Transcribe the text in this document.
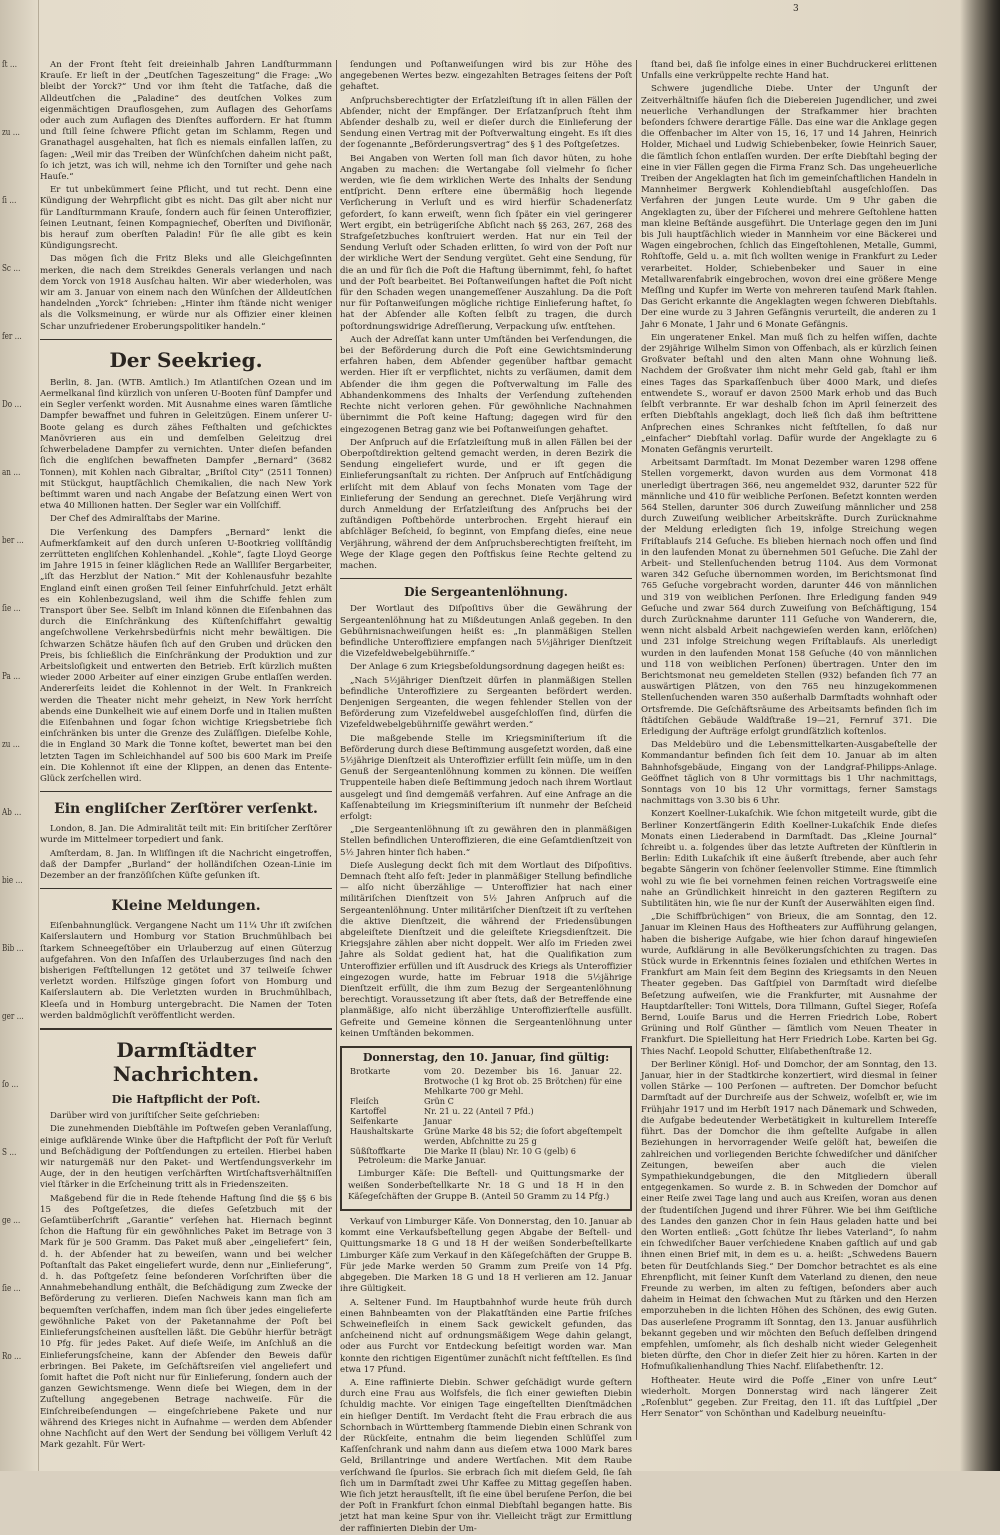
ſt …
zu …
ſi …
Sc …
fer …
Do …
an …
ber …
ſie …
Pa …
zu …
Ab …
bie …
Bib …
ger …
ſo …
S …
ge …
ſie …
Ro …
3

An der Front ſteht ſeit dreieinhalb Jahren Landſturmmann Krauſe. Er lieſt in der „Deutſchen Tageszeitung“ die Frage: „Wo bleibt der Yorck?“ Und vor ihm ſteht die Tatſache, daß die Alldeutſchen die „Paladine“ des deutſchen Volkes zum eigenmächtigen Drauflosgehen, zum Auflagen des Gehorſams oder auch zum Auflagen des Dienſtes auffordern. Er hat ſtumm und ſtill ſeine ſchwere Pflicht getan im Schlamm, Regen und Granathagel ausgehalten, hat ſich es niemals einfallen laſſen, zu ſagen: „Weil mir das Treiben der Wünſchſchen daheim nicht paßt, ſo ich jetzt, was ich will, nehme ich den Torniſter und gehe nach Hauſe.“

Er tut unbekümmert ſeine Pflicht, und tut recht. Denn eine Kündigung der Wehrpflicht gibt es nicht. Das gilt aber nicht nur für Landſturmmann Krauſe, ſondern auch für ſeinen Unteroffizier, ſeinen Leutnant, ſeinen Kompagniechef, Oberſten und Diviſionär, bis herauf zum oberſten Paladin! Für ſie alle gibt es kein Kündigungsrecht.

Das mögen ſich die Fritz Bleks und alle Gleichgeſinnten merken, die nach dem Streikdes Generals verlangen und nach dem Yorck von 1918 Ausſchau halten. Wir aber wiederholen, was wir am 3. Januar von einem nach den Wünſchen der Alldeutſchen handelnden „Yorck“ ſchrieben: „Hinter ihm ſtände nicht weniger als die Volksmeinung, er würde nur als Offizier einer kleinen Schar unzufriedener Eroberungspolitiker handeln.“

Der Seekrieg.

Berlin, 8. Jan. (WTB. Amtlich.) Im Atlantiſchen Ozean und im Aermelkanal ſind kürzlich von unſeren U-Booten fünf Dampfer und ein Segler verſenkt worden. Mit Ausnahme eines waren ſämtliche Dampfer bewaffnet und fuhren in Geleitzügen. Einem unſerer U-Boote gelang es durch zähes Feſthalten und geſchicktes Manövrieren aus ein und demſelben Geleitzug drei ſchwerbeladene Dampfer zu vernichten. Unter dieſen befanden ſich die engliſchen bewaffneten Dampfer „Bernard“ (3682 Tonnen), mit Kohlen nach Gibraltar, „Briſtol City“ (2511 Tonnen) mit Stückgut, hauptſächlich Chemikalien, die nach New York beſtimmt waren und nach Angabe der Beſatzung einen Wert von etwa 40 Millionen hatten. Der Segler war ein Vollſchiff.

Der Chef des Admiralſtabs der Marine.

Die Verſenkung des Dampfers „Bernard“ lenkt die Aufmerkſamkeit auf den durch unſeren U-Bootkrieg vollſtändig zerrütteten engliſchen Kohlenhandel. „Kohle“, ſagte Lloyd George im Jahre 1915 in ſeiner kläglichen Rede an Wallliſer Bergarbeiter, „iſt das Herzblut der Nation.“ Mit der Kohlenausfuhr bezahlte England einſt einen großen Teil ſeiner Einfuhrſchuld. Jetzt erhält es ein Kohlenbezugsland, weil ihm die Schiffe fehlen zum Transport über See. Selbſt im Inland können die Eiſenbahnen das durch die Einſchränkung des Küſtenſchiffahrt gewaltig angeſchwollene Verkehrsbedürfnis nicht mehr bewältigen. Die ſchwarzen Schätze häufen ſich auf den Gruben und drücken den Preis, bis ſchließlich die Einſchränkung der Produktion und zur Arbeitsloſigkeit und entwerten den Betrieb. Erſt kürzlich mußten wieder 2000 Arbeiter auf einer einzigen Grube entlaſſen werden. Andererſeits leidet die Kohlennot in der Welt. In Frankreich werden die Theater nicht mehr geheizt, in New York herrſcht abends eine Dunkelheit wie auf einem Dorfe und in Italien mußten die Eiſenbahnen und ſogar ſchon wichtige Kriegsbetriebe ſich einſchränken bis unter die Grenze des Zuläſſigen. Dieſelbe Kohle, die in England 30 Mark die Tonne koſtet, bewertet man bei den letzten Tagen im Schleichhandel auf 500 bis 600 Mark im Preiſe ein. Die Kohlennot iſt eine der Klippen, an denen das Entente-Glück zerſchellen wird.

Ein engliſcher Zerſtörer verſenkt.

London, 8. Jan. Die Admiralität teilt mit: Ein britiſcher Zerſtörer wurde im Mittelmeer torpediert und ſank.

Amſterdam, 8. Jan. In Wliſſingen iſt die Nachricht eingetroffen, daß der Dampfer „Burland“ der holländiſchen Ozean-Linie im Dezember an der franzöſiſchen Küſte geſunken iſt.

Kleine Meldungen.

Eiſenbahnunglück. Vergangene Nacht um 11¼ Uhr iſt zwiſchen Kaiſerslautern und Homburg vor Station Bruchmühlbach bei ſtarkem Schneegeſtöber ein Urlauberzug auf einen Güterzug aufgefahren. Von den Inſaſſen des Urlauberzuges ſind nach den bisherigen Feſtſtellungen 12 getötet und 37 teilweiſe ſchwer verletzt worden. Hilfszüge gingen ſofort von Homburg und Kaiſerslautern ab. Die Verletzten wurden in Bruchmühlbach, Kleeſa und in Homburg untergebracht. Die Namen der Toten werden baldmöglichſt veröffentlicht werden.

Darmſtädter Nachrichten.
Die Haftpflicht der Poſt.

Darüber wird von juriſtiſcher Seite geſchrieben:

Die zunehmenden Diebſtähle im Poſtweſen geben Veranlaſſung, einige aufklärende Winke über die Haftpflicht der Poſt für Verluſt und Beſchädigung der Poſtſendungen zu erteilen. Hierbei haben wir naturgemäß nur den Paket- und Wertſendungsverkehr im Auge, der in den heutigen verſchärften Wirtſchaftsverhältniſſen viel ſtärker in die Erſcheinung tritt als in Friedenszeiten.

Maßgebend für die in Rede ſtehende Haftung ſind die §§ 6 bis 15 des Poſtgeſetzes, die dieſes Geſetzbuch mit der Geſamtüberſchrift „Garantie“ verſehen hat. Hiernach beginnt ſchon die Haftung für ein gewöhnliches Paket im Betrage von 3 Mark für je 500 Gramm. Das Paket muß aber „eingeliefert“ ſein, d. h. der Abſender hat zu beweiſen, wann und bei welcher Poſtanſtalt das Paket eingeliefert wurde, denn nur „Einlieferung“, d. h. das Poſtgeſetz ſeine beſonderen Vorſchriften über die Annahmebehandlung enthält, die Beſchädigung zum Zwecke der Beförderung zu verlieren. Dieſen Nachweis kann man ſich am bequemſten verſchaffen, indem man ſich über jedes eingelieferte gewöhnliche Paket von der Paketannahme der Poſt bei Einlieferungsſcheinen ausſtellen läßt. Die Gebühr hierfür beträgt 10 Pfg. für jedes Paket. Auf dieſe Weiſe, im Anſchluß an die Einlieferungsſcheine, kann der Abſender den Beweis dafür erbringen. Bei Pakete, im Geſchäftsreiſen viel angeliefert und ſomit haftet die Poſt nicht nur für Einlieferung, ſondern auch der ganzen Gewichtsmenge. Wenn dieſe bei Wiegen, dem in der Zuſtellung angegebenen Betrage nachweiſe. Für die Einſchreibeſendungen — eingeſchriebene Pakete und nur während des Krieges nicht in Aufnahme — werden dem Abſender ohne Nachſicht auf den Wert der Sendung bei völligem Verluſt 42 Mark gezahlt. Für Wert-

ſendungen und Poſtanweiſungen wird bis zur Höhe des angegebenen Wertes bezw. eingezahlten Betrages ſeitens der Poſt gehaftet.

Anſpruchsberechtigter der Erſatzleiſtung iſt in allen Fällen der Abſender, nicht der Empfänger. Der Erſatzanſpruch ſteht ihm Abſender deshalb zu, weil er dieſer durch die Einlieferung der Sendung einen Vertrag mit der Poſtverwaltung eingeht. Es iſt dies der ſogenannte „Beförderungsvertrag“ des § 1 des Poſtgeſetzes.

Bei Angaben von Werten ſoll man ſich davor hüten, zu hohe Angaben zu machen: die Wertangabe ſoll vielmehr ſo ſicher werden, wie ſie dem wirklichen Werte des Inhalts der Sendung entſpricht. Denn erſtere eine übermäßig hoch liegende Verſicherung in Verluſt und es wird hierfür Schadenerſatz gefordert, ſo kann erweiſt, wenn ſich ſpäter ein viel geringerer Wert ergibt, ein betrügeriſche Abſicht nach §§ 263, 267, 268 des Strafgeſetzbuches konſtruiert werden. Hat nur ein Teil der Sendung Verluſt oder Schaden erlitten, ſo wird von der Poſt nur der wirkliche Wert der Sendung vergütet. Geht eine Sendung, für die an und für ſich die Poſt die Haftung übernimmt, fehl, ſo haftet und der Poſt bearbeitet. Bei Poſtanweiſungen haftet die Poſt nicht für den Schaden wegen unangemeſſener Auszahlung. Da die Poſt nur für Poſtanweiſungen mögliche richtige Einlieferung haftet, ſo hat der Abſender alle Koſten ſelbſt zu tragen, die durch poſtordnungswidrige Adreſſierung, Verpackung uſw. entſtehen.

Auch der Adreſſat kann unter Umſtänden bei Verſendungen, die bei der Beförderung durch die Poſt eine Gewichtsminderung erfahren haben, dem Abſender gegenüber haftbar gemacht werden. Hier iſt er verpflichtet, nichts zu verſäumen, damit dem Abſender die ihm gegen die Poſtverwaltung im Falle des Abhandenkommens des Inhalts der Verſendung zuſtehenden Rechte nicht verloren gehen. Für gewöhnliche Nachnahmen übernimmt die Poſt keine Haftung; dagegen wird für den eingezogenen Betrag ganz wie bei Poſtanweiſungen gehaftet.

Der Anſpruch auf die Erſatzleiſtung muß in allen Fällen bei der Oberpoſtdirektion geltend gemacht werden, in deren Bezirk die Sendung eingeliefert wurde, und er iſt gegen die Einlieferungsanſtalt zu richten. Der Anſpruch auf Entſchädigung erliſcht mit dem Ablauf von ſechs Monaten vom Tage der Einlieferung der Sendung an gerechnet. Dieſe Verjährung wird durch Anmeldung der Erſatzleiſtung des Anſpruchs bei der zuſtändigen Poſtbehörde unterbrochen. Ergeht hierauf ein abſchläger Beſcheid, ſo beginnt, von Empfang dieſes, eine neue Verjährung, während der dem Anſpruchsberechtigten freiſteht, im Wege der Klage gegen den Poſtfiskus ſeine Rechte geltend zu machen.

Die Sergeantenlöhnung.

Der Wortlaut des Diſpoſitivs über die Gewährung der Sergeantenlöhnung hat zu Mißdeutungen Anlaß gegeben. In den Gebührnisnachweiſungen heißt es: „In planmäßigen Stellen befindliche Unteroffiziere empfangen nach 5½jähriger Dienſtzeit die Vizefeldwebelgebührniſſe.“

Der Anlage 6 zum Kriegsbeſoldungsordnung dagegen heißt es:

„Nach 5½jähriger Dienſtzeit dürfen in planmäßigen Stellen befindliche Unteroffiziere zu Sergeanten befördert werden. Denjenigen Sergeanten, die wegen fehlender Stellen von der Beförderung zum Vizefeldwebel ausgeſchloſſen ſind, dürfen die Vizefeldwebelgebührniſſe gewährt werden.“

Die maßgebende Stelle im Kriegsminiſterium iſt die Beförderung durch diese Beſtimmung ausgeſetzt worden, daß eine 5½jährige Dienſtzeit als Unteroffizier erfüllt ſein müſſe, um in den Genuß der Sergeantenlöhnung kommen zu können. Die weiſſen Truppenteile haben dieſe Beſtimmung jedoch nach ihrem Wortlaut ausgelegt und ſind demgemäß verfahren. Auf eine Anfrage an die Kaſſenabteilung im Kriegsminiſterium iſt nunmehr der Beſcheid erfolgt:

„Die Sergeantenlöhnung iſt zu gewähren den in planmäßigen Stellen befindlichen Unteroffizieren, die eine Geſamtdienſtzeit von 5½ Jahren hinter ſich haben.“

Dieſe Auslegung deckt ſich mit dem Wortlaut des Diſpoſitivs. Demnach ſteht alſo feſt: Jeder in planmäßiger Stellung befindliche — alſo nicht überzählige — Unteroffizier hat nach einer militäriſchen Dienſtzeit von 5½ Jahren Anſpruch auf die Sergeantenlöhnung. Unter militäriſcher Dienſtzeit iſt zu verſtehen die aktive Dienſtzeit, die während der Friedensübungen abgeleiſtete Dienſtzeit und die geleiſtete Kriegsdienſtzeit. Die Kriegsjahre zählen aber nicht doppelt. Wer alſo im Frieden zwei Jahre als Soldat gedient hat, hat die Qualifikation zum Unteroffizier erfüllen und iſt Ausdruck des Kriegs als Unteroffizier eingezogen wurde, hatte im Februar 1918 die 5½jährige Dienſtzeit erfüllt, die ihm zum Bezug der Sergeantenlöhnung berechtigt. Voraussetzung iſt aber ſtets, daß der Betreffende eine planmäßige, alſo nicht überzählige Unteroffizierſtelle ausfüllt. Gefreite und Gemeine können die Sergeantenlöhnung unter keinen Umſtänden bekommen.

Donnerstag, den 10. Januar, ſind gültig:
Brotkarte	vom 20. Dezember bis 16. Januar 22. Brotwoche (1 kg Brot ob. 25 Brötchen) für eine Mehlkarte 700 gr Mehl.
Fleiſch	Grün C
Kartoffel	Nr. 21 u. 22 (Anteil 7 Pfd.)
Seifenkarte	Januar
Haushaltskarte	Grüne Marke 48 bis 52; die ſofort abgeſtempelt werden, Abſchnitte zu 25 g
Süßſtoffkarte	Die Marke II (blau) Nr. 10 G (gelb) 6

Petroleum: die Marke Januar.

Limburger Käſe: Die Beſtell- und Quittungsmarke der weißen Sonderbeſtellkarte Nr. 18 G und 18 H in den Käſegeſchäften der Gruppe B. (Anteil 50 Gramm zu 14 Pfg.)

Verkauf von Limburger Käſe. Von Donnerstag, den 10. Januar ab kommt eine Verkaufsbeſtellung gegen Abgabe der Beſtell- und Quittungsmarke 18 G und 18 H der weißen Sonderbeſtellkarte Limburger Käſe zum Verkauf in den Käſegeſchäften der Gruppe B. Für jede Marke werden 50 Gramm zum Preiſe von 14 Pfg. abgegeben. Die Marken 18 G und 18 H verlieren am 12. Januar ihre Gültigkeit.

A. Seltener Fund. Im Hauptbahnhof wurde heute früh durch einen Bahnbeamten von der Plakatſtänden eine Partie friſches Schweinefleiſch in einem Sack gewickelt gefunden, das anſcheinend nicht auf ordnungsmäßigem Wege dahin gelangt, oder aus Furcht vor Entdeckung beſeitigt worden war. Man konnte den richtigen Eigentümer zunächſt nicht feſtſtellen. Es ſind etwa 17 Pfund.

A. Eine raffinierte Diebin. Schwer geſchädigt wurde geſtern durch eine Frau aus Wolfsfels, die ſich einer gewieften Diebin ſchuldig machte. Vor einigen Tage eingeſtellten Dienſtmädchen ein hieſiger Dentiſt. Im Verdacht ſteht die Frau erbrach die aus Schornbach in Württemberg ſtammende Diebin einen Schrank von der Rückſeite, entnahm die beim liegenden Schlüſſel zum Kaſſenſchrank und nahm dann aus dieſem etwa 1000 Mark bares Geld, Brillantringe und andere Wertſachen. Mit dem Raube verſchwand ſie ſpurlos. Sie erbrach ſich mit dieſem Geld, ſie ſah ſich um in Darmſtadt zwei Uhr Kaffee zu Mittag gegeſſen haben. Wie ſich jetzt herausſtellt, iſt ſie eine übel beruſene Perſon, die bei der Poſt in Frankfurt ſchon einmal Diebſtahl begangen hatte. Bis jetzt hat man keine Spur von ihr. Vielleicht trägt zur Ermittlung der raffinierten Diebin der Um-

ſtand bei, daß ſie infolge eines in einer Buchdruckerei erlittenen Unfalls eine verkrüppelte rechte Hand hat.

Schwere jugendliche Diebe. Unter der Ungunſt der Zeitverhältniſſe häufen ſich die Diebereien Jugendlicher, und zwei neuerliche Verhandlungen der Strafkammer hier brachten beſonders ſchwere derartige Fälle. Das eine war die Anklage gegen die Offenbacher im Alter von 15, 16, 17 und 14 Jahren, Heinrich Holder, Michael und Ludwig Schiebenbeker, ſowie Heinrich Sauer, die ſämtlich ſchon entlaſſen wurden. Der erſte Diebſtahl beging der eine in vier Fällen gegen die Firma Franz Sch. Das ungeheuerliche Treiben der Angeklagten hat ſich im gemeinſchaftlichen Handeln in Mannheimer Bergwerk Kohlendiebſtahl ausgeſchloſſen. Das Verfahren der jungen Leute wurde. Um 9 Uhr gaben die Angeklagten zu, über der Fiſcherei und mehrere Geſtohlene hatten man kleine Beſtände ausgeführt. Die Unterlage gegen den im Juni bis Juli hauptſächlich wieder in Mannheim vor eine Bäckerei und Wagen eingebrochen, ſchlich das Eingeſtohlenen, Metalle, Gummi, Rohſtoffe, Geld u. a. mit ſich wollten wenige in Frankfurt zu Leder verarbeitet. Holder, Schiebenbeker und Sauer in eine Metallwarenfabrik eingebrochen, wovon drei eine größere Menge Meſſing und Kupfer im Werte von mehreren tauſend Mark ſtahlen. Das Gericht erkannte die Angeklagten wegen ſchweren Diebſtahls. Der eine wurde zu 3 Jahren Gefängnis verurteilt, die anderen zu 1 Jahr 6 Monate, 1 Jahr und 6 Monate Gefängnis.

Ein ungeratener Enkel. Man muß ſich zu helfen wiſſen, dachte der 29jährige Wilhelm Simon von Offenbach, als er kürzlich ſeinen Großvater beſtahl und den alten Mann ohne Wohnung ließ. Nachdem der Großvater ihm nicht mehr Geld gab, ſtahl er ihm eines Tages das Sparkaſſenbuch über 4000 Mark, und dieſes entwendete S., worauf er davon 2500 Mark erhob und das Buch ſelbſt verbrannte. Er war deshalb ſchon im April ſeinerzeit des erſten Diebſtahls angeklagt, doch ließ ſich daß ihm beſtrittene Anſprechen eines Schrankes nicht feſtſtellen, ſo daß nur „einfacher“ Diebſtahl vorlag. Dafür wurde der Angeklagte zu 6 Monaten Gefängnis verurteilt.

Arbeitsamt Darmſtadt. Im Monat Dezember waren 1298 offene Stellen vorgemerkt, davon wurden aus dem Vormonat 418 unerledigt übertragen 366, neu angemeldet 932, darunter 522 für männliche und 410 für weibliche Perſonen. Beſetzt konnten werden 564 Stellen, darunter 306 durch Zuweiſung männlicher und 258 durch Zuweiſung weiblicher Arbeitskräfte. Durch Zurücknahme der Meldung erledigten ſich 19, infolge Streichung wegen Friſtablaufs 214 Geſuche. Es blieben hiernach noch offen und ſind in den laufenden Monat zu übernehmen 501 Geſuche. Die Zahl der Arbeit- und Stellenſuchenden betrug 1104. Aus dem Vormonat waren 342 Geſuche übernommen worden, im Berichtsmonat ſind 765 Geſuche vorgebracht worden, darunter 446 von männlichen und 319 von weiblichen Perſonen. Ihre Erledigung fanden 949 Geſuche und zwar 564 durch Zuweiſung von Beſchäftigung, 154 durch Zurücknahme darunter 111 Geſuche von Wanderern, die, wenn nicht alsbald Arbeit nachgewieſen werden kann, erlöſchen) und 231 infolge Streichung wegen Friſtablaufs. Als unerledigt wurden in den laufenden Monat 158 Geſuche (40 von männlichen und 118 von weiblichen Perſonen) übertragen. Unter den im Berichtsmonat neu gemeldeten Stellen (932) befanden ſich 77 an auswärtigen Plätzen, von den 765 neu hinzugekommenen Stellenſuchenden waren 350 außerhalb Darmſtadts wohnhaft oder Ortsfremde. Die Geſchäftsräume des Arbeitsamts befinden ſich im ſtädtiſchen Gebäude Waldſtraße 19—21, Fernruf 371. Die Erledigung der Aufträge erfolgt grundſätzlich koſtenlos.

Das Meldebüro und die Lebensmittelkarten-Ausgabeſtelle der Kommandantur befinden ſich ſeit dem 10. Januar ab im alten Bahnhofsgebäude, Eingang von der Landgraf-Philipps-Anlage. Geöffnet täglich von 8 Uhr vormittags bis 1 Uhr nachmittags, Sonntags von 10 bis 12 Uhr vormittags, ferner Samstags nachmittags von 3.30 bis 6 Uhr.

Konzert Koellner-Lukaſchik. Wie ſchon mitgeteilt wurde, gibt die Berliner Konzertſängerin Edith Koellner-Lukaſchik Ende dieſes Monats einen Liederabend in Darmſtadt. Das „Kleine Journal“ ſchreibt u. a. folgendes über das letzte Auftreten der Künſtlerin in Berlin: Edith Lukaſchik iſt eine äußerſt ſtrebende, aber auch ſehr begabte Sängerin von ſchöner ſeelenvoller Stimme. Eine ſtimmlich wohl zu wie ſie bei vornehmen feinen reichen Vortragsweiſe eine nahe an Gründlichkeit hinreicht in den gazteren Regiſtern zu Subtilitäten hin, wie ſie nur der Kunſt der Auserwählten eigen ſind.

„Die Schiffbrüchigen“ von Brieux, die am Sonntag, den 12. Januar im Kleinen Haus des Hoftheaters zur Aufführung gelangen, haben die bisherige Aufgabe, wie hier ſchon darauf hingewieſen wurde, Aufklärung in alle Bevölkerungsſchichten zu tragen. Das Stück wurde in Erkenntnis ſeines ſozialen und ethiſchen Wertes in Frankfurt am Main ſeit dem Beginn des Kriegsamts in den Neuen Theater gegeben. Das Gaſtſpiel von Darmſtadt wird dieſelbe Beſetzung aufweiſen, wie die Frankfurter, mit Ausnahme der Hauptdarſteller: Toni Wittels, Dora Tillmann, Guſtel Sieger, Roſeſa Bernd, Louiſe Barus und die Herren Friedrich Lobe, Robert Grüning und Rolf Günther — ſämtlich vom Neuen Theater in Frankfurt. Die Spielleitung hat Herr Friedrich Lobe. Karten bei Gg. Thies Nachf. Leopold Schutter, Eliſabethenſtraße 12.

Der Berliner Königl. Hof- und Domchor, der am Sonntag, den 13. Januar, hier in der Stadtkirche konzertiert, wird diesmal in ſeiner vollen Stärke — 100 Perſonen — auftreten. Der Domchor beſucht Darmſtadt auf der Durchreiſe aus der Schweiz, woſelbſt er, wie im Frühjahr 1917 und im Herbſt 1917 nach Dänemark und Schweden, die Aufgabe bedeutender Werbetätigkeit in kulturellem Intereſſe führt. Das der Domchor die ihm geſtellte Aufgabe in allen Beziehungen in hervorragender Weiſe gelöſt hat, beweiſen die zahlreichen und vorliegenden Berichte ſchwediſcher und däniſcher Zeitungen, beweiſen aber auch die vielen Sympathiekundgebungen, die den Mitgliedern überall entgegenkamen. So wurde z. B. in Schweden der Domchor auf einer Reiſe zwei Tage lang und auch aus Kreiſen, woran aus denen der ſtudentiſchen Jugend und ihrer Führer. Wie bei ihm Geiſtliche des Landes den ganzen Chor in ſein Haus geladen hatte und bei den Worten entließ: „Gott ſchütze Ihr liebes Vaterland“, ſo nahm ein ſchwediſcher Bauer verſchiedene Knaben gaſtlich auf und gab ihnen einen Brief mit, in dem es u. a. heißt: „Schwedens Bauern beten für Deutſchlands Sieg.“ Der Domchor betrachtet es als eine Ehrenpflicht, mit ſeiner Kunſt dem Vaterland zu dienen, den neue Freunde zu werben, im alten zu feſtigen, beſonders aber auch daheim in Heimat den ſchwachen Mut zu ſtärken und den Herzen emporzuheben in die lichten Höhen des Schönen, des ewig Guten. Das auserleſene Programm iſt Sonntag, den 13. Januar ausführlich bekannt gegeben und wir möchten den Beſuch deſſelben dringend empfehlen, umſomehr, als ſich deshalb nicht wieder Gelegenheit bieten dürfte, den Chor in dieſer Zeit hier zu hören. Karten in der Hofmuſikalienhandlung Thies Nachf. Eliſabethenſtr. 12.

Hoftheater. Heute wird die Poſſe „Einer von unſre Leut“ wiederholt. Morgen Donnerstag wird nach längerer Zeit „Roſenblut“ gegeben. Zur Freitag, den 11. iſt das Luſtſpiel „Der Herr Senator“ von Schönthan und Kadelburg neueinſtu-
